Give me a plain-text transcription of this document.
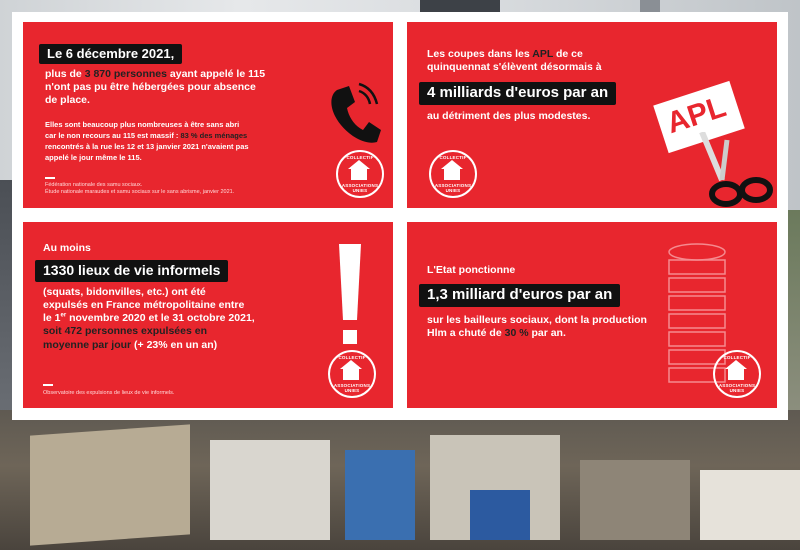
Le 6 décembre 2021,
plus de 3 870 personnes ayant appelé le 115
n'ont pas pu être hébergées pour absence
de place.
Elles sont beaucoup plus nombreuses à être sans abri
car le non recours au 115 est massif : 83 % des ménages
rencontrés à la rue les 12 et 13 janvier 2021 n'avaient pas
appelé le jour même le 115.
Fédération nationale des samu sociaux.
Étude nationale maraudes et samu sociaux sur le sans abrisme, janvier 2021.
COLLECTIF
ASSOCIATIONS UNIES
Les coupes dans les APL de ce
quinquennat s'élèvent désormais à
4 milliards d'euros par an
au détriment des plus modestes. APL
COLLECTIF
ASSOCIATIONS UNIES
Au moins
1330 lieux de vie informels
(squats, bidonvilles, etc.) ont été
expulsés en France métropolitaine entre
le 1er novembre 2020 et le 31 octobre 2021,
soit 472 personnes expulsées en
moyenne par jour (+ 23% en un an)
Observatoire des expulsions de lieux de vie informels.
COLLECTIF
ASSOCIATIONS UNIES
L'Etat ponctionne
1,3 milliard d'euros par an
sur les bailleurs sociaux, dont la production
Hlm a chuté de 30 % par an.
COLLECTIF
ASSOCIATIONS UNIES
